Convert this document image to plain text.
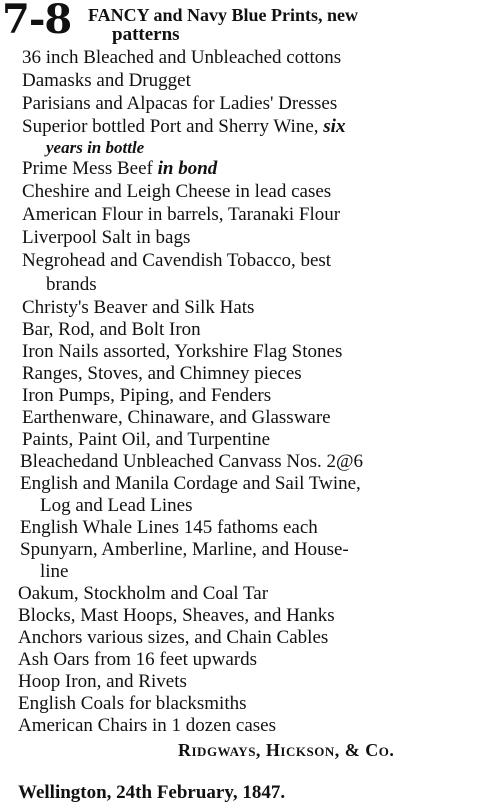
7-8 FANCY and Navy Blue Prints, new
patterns
36 inch Bleached and Unbleached cottons
Damasks and Drugget
Parisians and Alpacas for Ladies' Dresses
Superior bottled Port and Sherry Wine, six
years in bottle
Prime Mess Beef in bond
Cheshire and Leigh Cheese in lead cases
American Flour in barrels, Taranaki Flour
Liverpool Salt in bags
Negrohead and Cavendish Tobacco, best
brands
Christy's Beaver and Silk Hats
Bar, Rod, and Bolt Iron
Iron Nails assorted, Yorkshire Flag Stones
Ranges, Stoves, and Chimney pieces
Iron Pumps, Piping, and Fenders
Earthenware, Chinaware, and Glassware
Paints, Paint Oil, and Turpentine
Bleachedand Unbleached Canvass Nos. 2@6
English and Manila Cordage and Sail Twine,
Log and Lead Lines
English Whale Lines 145 fathoms each
Spunyarn, Amberline, Marline, and House-
line
Oakum, Stockholm and Coal Tar
Blocks, Mast Hoops, Sheaves, and Hanks
Anchors various sizes, and Chain Cables
Ash Oars from 16 feet upwards
Hoop Iron, and Rivets
English Coals for blacksmiths
American Chairs in 1 dozen cases
Ridgways, Hickson, & Co.
Wellington, 24th February, 1847.
